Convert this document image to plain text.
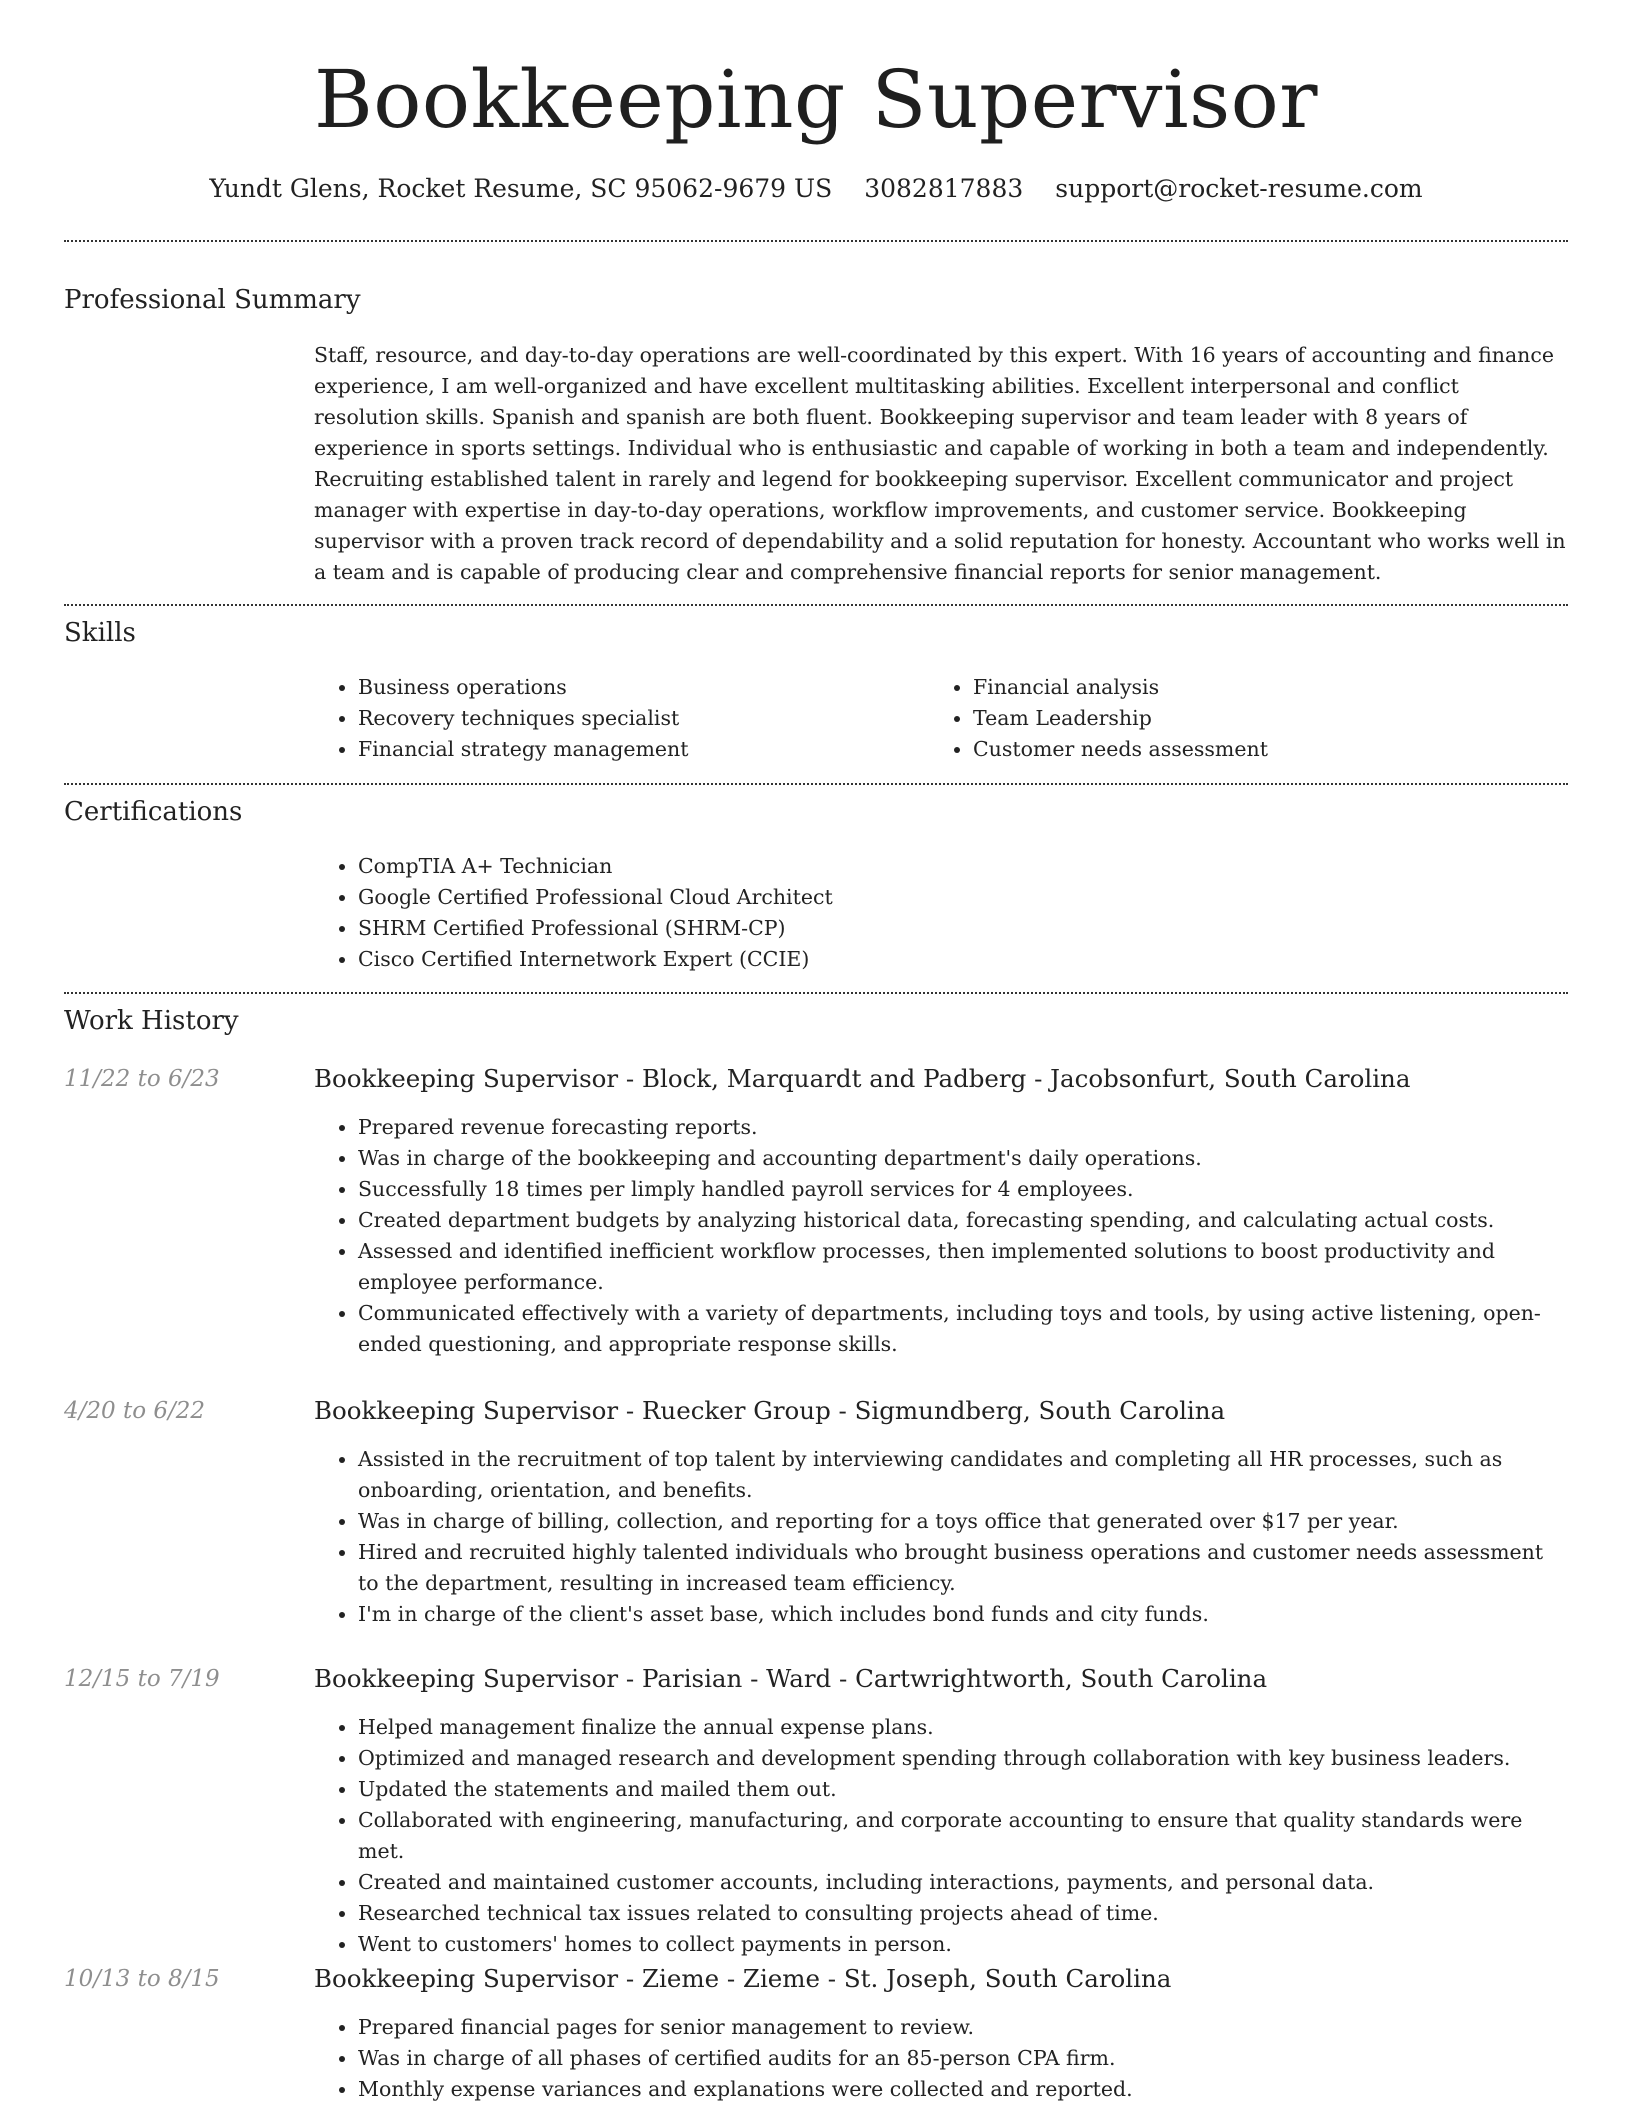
Bookkeeping Supervisor
Yundt Glens, Rocket Resume, SC 95062-9679 US 3082817883 support@rocket-resume.com
Professional Summary

Staff, resource, and day-to-day operations are well-coordinated by this expert. With 16 years of accounting and finance experience, I am well-organized and have excellent multitasking abilities. Excellent interpersonal and conflict resolution skills. Spanish and spanish are both fluent. Bookkeeping supervisor and team leader with 8 years of experience in sports settings. Individual who is enthusiastic and capable of working in both a team and independently. Recruiting established talent in rarely and legend for bookkeeping supervisor. Excellent communicator and project manager with expertise in day-to-day operations, workflow improvements, and customer service. Bookkeeping supervisor with a proven track record of dependability and a solid reputation for honesty. Accountant who works well in a team and is capable of producing clear and comprehensive financial reports for senior management.

Skills
• Business operations
• Recovery techniques specialist
• Financial strategy management
• Financial analysis
• Team Leadership
• Customer needs assessment
Certifications
• CompTIA A+ Technician
• Google Certified Professional Cloud Architect
• SHRM Certified Professional (SHRM-CP)
• Cisco Certified Internetwork Expert (CCIE)
Work History
11/22 to 6/23	Bookkeeping Supervisor - Block, Marquardt and Padberg - Jacobsonfurt, South Carolina
• Prepared revenue forecasting reports.
• Was in charge of the bookkeeping and accounting department's daily operations.
• Successfully 18 times per limply handled payroll services for 4 employees.
• Created department budgets by analyzing historical data, forecasting spending, and calculating actual costs.
• Assessed and identified inefficient workflow processes, then implemented solutions to boost productivity and employee performance.
• Communicated effectively with a variety of departments, including toys and tools, by using active listening, open-ended questioning, and appropriate response skills.
4/20 to 6/22	Bookkeeping Supervisor - Ruecker Group - Sigmundberg, South Carolina
• Assisted in the recruitment of top talent by interviewing candidates and completing all HR processes, such as onboarding, orientation, and benefits.
• Was in charge of billing, collection, and reporting for a toys office that generated over $17 per year.
• Hired and recruited highly talented individuals who brought business operations and customer needs assessment to the department, resulting in increased team efficiency.
• I'm in charge of the client's asset base, which includes bond funds and city funds.
12/15 to 7/19	Bookkeeping Supervisor - Parisian - Ward - Cartwrightworth, South Carolina
• Helped management finalize the annual expense plans.
• Optimized and managed research and development spending through collaboration with key business leaders.
• Updated the statements and mailed them out.
• Collaborated with engineering, manufacturing, and corporate accounting to ensure that quality standards were met.
• Created and maintained customer accounts, including interactions, payments, and personal data.
• Researched technical tax issues related to consulting projects ahead of time.
• Went to customers' homes to collect payments in person.
10/13 to 8/15	Bookkeeping Supervisor - Zieme - Zieme - St. Joseph, South Carolina
• Prepared financial pages for senior management to review.
• Was in charge of all phases of certified audits for an 85-person CPA firm.
• Monthly expense variances and explanations were collected and reported.
